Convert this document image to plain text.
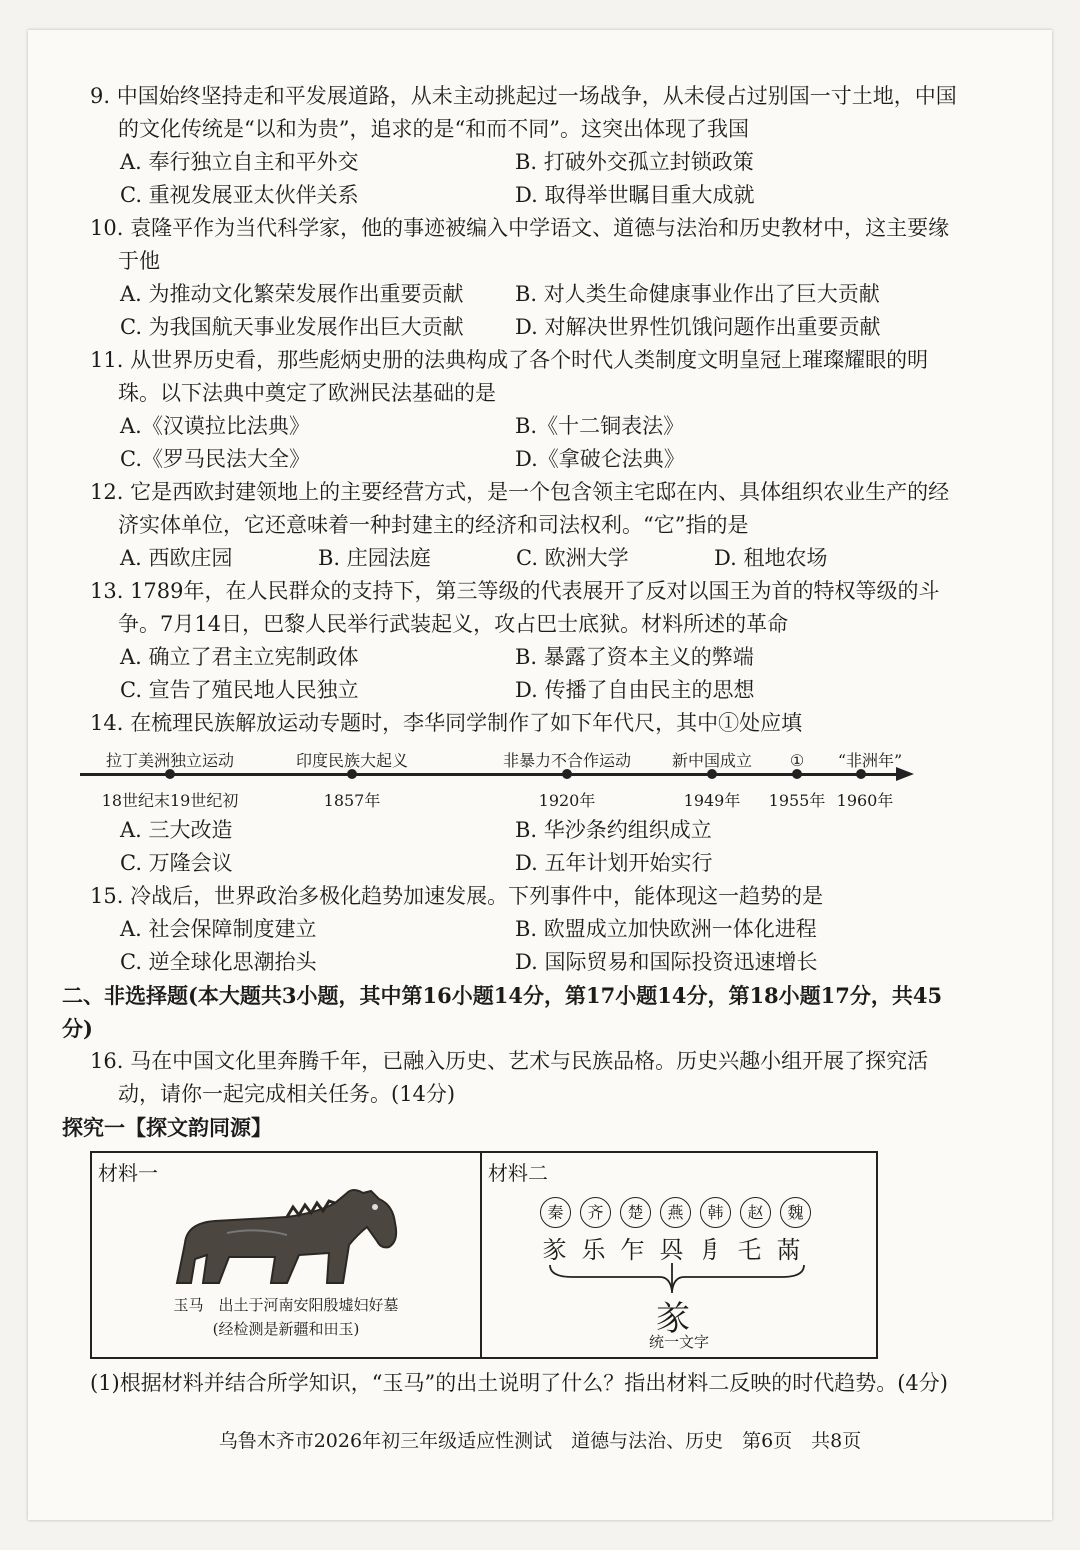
9. 中国始终坚持走和平发展道路，从未主动挑起过一场战争，从未侵占过别国一寸土地，中国的文化传统是“以和为贵”，追求的是“和而不同”。这突出体现了我国
A. 奉行独立自主和平外交	B. 打破外交孤立封锁政策
C. 重视发展亚太伙伴关系	D. 取得举世瞩目重大成就
10. 袁隆平作为当代科学家，他的事迹被编入中学语文、道德与法治和历史教材中，这主要缘于他
A. 为推动文化繁荣发展作出重要贡献	B. 对人类生命健康事业作出了巨大贡献
C. 为我国航天事业发展作出巨大贡献	D. 对解决世界性饥饿问题作出重要贡献
11. 从世界历史看，那些彪炳史册的法典构成了各个时代人类制度文明皇冠上璀璨耀眼的明珠。以下法典中奠定了欧洲民法基础的是
A.《汉谟拉比法典》	B.《十二铜表法》
C.《罗马民法大全》	D.《拿破仑法典》
12. 它是西欧封建领地上的主要经营方式，是一个包含领主宅邸在内、具体组织农业生产的经济实体单位，它还意味着一种封建主的经济和司法权利。“它”指的是
A. 西欧庄园	B. 庄园法庭	C. 欧洲大学	D. 租地农场
13. 1789年，在人民群众的支持下，第三等级的代表展开了反对以国王为首的特权等级的斗争。7月14日，巴黎人民举行武装起义，攻占巴士底狱。材料所述的革命
A. 确立了君主立宪制政体	B. 暴露了资本主义的弊端
C. 宣告了殖民地人民独立	D. 传播了自由民主的思想
14. 在梳理民族解放运动专题时，李华同学制作了如下年代尺，其中①处应填
拉丁美洲独立运动	印度民族大起义	非暴力不合作运动	新中国成立 ① “非洲年”
18世纪末19世纪初	1857年	1920年	1949年 1955年 1960年
A. 三大改造	B. 华沙条约组织成立
C. 万隆会议	D. 五年计划开始实行
15. 冷战后，世界政治多极化趋势加速发展。下列事件中，能体现这一趋势的是
A. 社会保障制度建立	B. 欧盟成立加快欧洲一体化进程
C. 逆全球化思潮抬头	D. 国际贸易和国际投资迅速增长
二、非选择题(本大题共3小题，其中第16小题14分，第17小题14分，第18小题17分，共45分)
16. 马在中国文化里奔腾千年，已融入历史、艺术与民族品格。历史兴趣小组开展了探究活动，请你一起完成相关任务。(14分)
探究一【探文韵同源】
材料一
玉马　出土于河南安阳殷墟妇好墓
(经检测是新疆和田玉)
材料二
秦	齐	楚	燕	韩	赵	魏
㒸 乐 乍 㒷 㐆 乇 㒼
㒸
统一文字
(1)根据材料并结合所学知识，“玉马”的出土说明了什么？指出材料二反映的时代趋势。(4分)
乌鲁木齐市2026年初三年级适应性测试　道德与法治、历史　第6页　共8页
